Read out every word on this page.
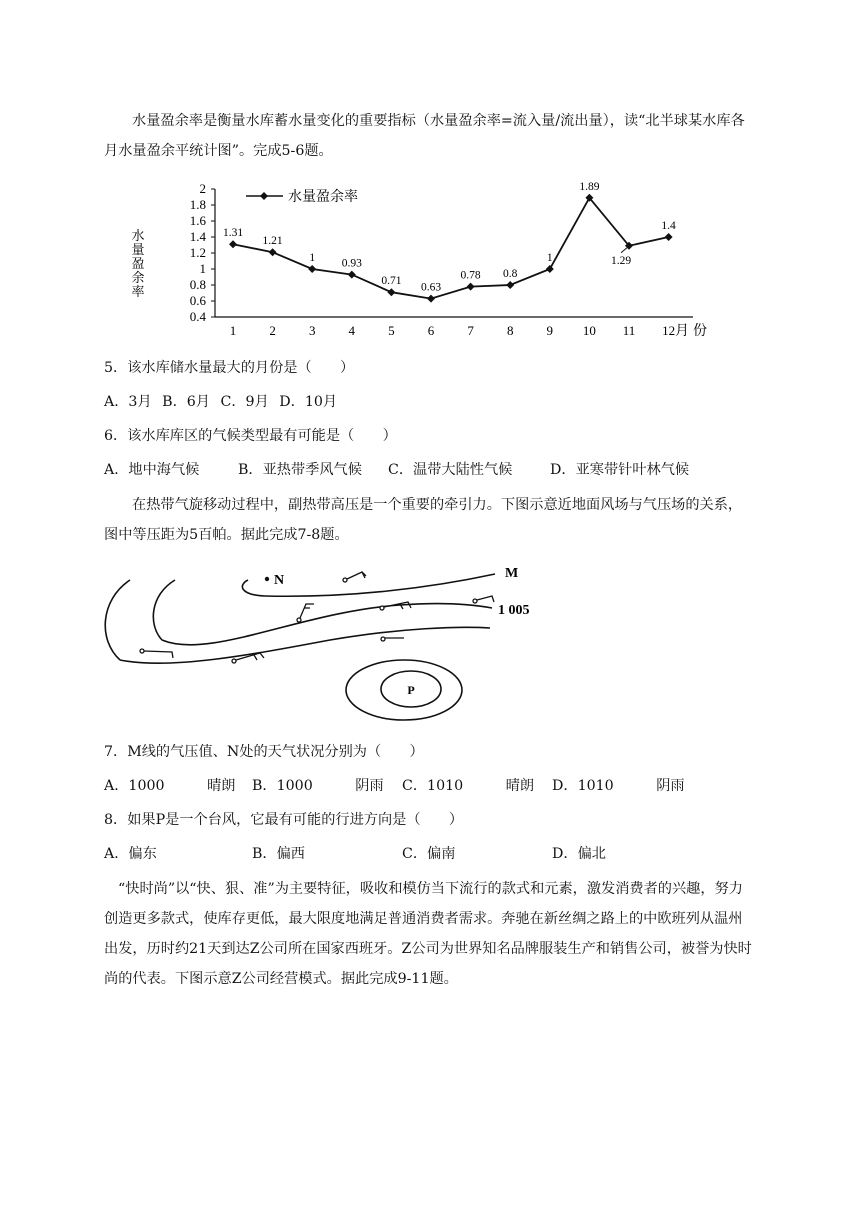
水量盈余率是衡量水库蓄水量变化的重要指标（水量盈余率=流入量/流出量），读“北半球某水库各月水量盈余平统计图”。完成5-6题。

水
量
盈
余
率
2
1.8
1.6
1.4
1.2
1
0.8
0.6
0.4
1	2	3	4	5	6	7	8	9 10 11 12
水量盈余率
1.31
1.21
1 0.93
0.71
0.63
0.78 0.8
1
1.89
1.29
1.4
月份
5．该水库储水量最大的月份是（　　）
A．3月 B．6月 C．9月 D．10月
6．该水库库区的气候类型最有可能是（　　）
A．地中海气候	B．亚热带季风气候 C．温带大陆性气候	D．亚寒带针叶林气候

在热带气旋移动过程中，副热带高压是一个重要的牵引力。下图示意近地面风场与气压场的关系，图中等压距为5百帕。据此完成7-8题。

N	M
1 005
P
7．M线的气压值、N处的天气状况分别为（　　）
A．1000　　　晴朗 B．1000　　　阴雨 C．1010　　　晴朗 D．1010　　　阴雨
8．如果P是一个台风，它最有可能的行进方向是（　　）
A．偏东	B．偏西	C．偏南	D．偏北

“快时尚”以“快、狠、准”为主要特征，吸收和模仿当下流行的款式和元素，激发消费者的兴趣，努力创造更多款式，使库存更低，最大限度地满足普通消费者需求。奔驰在新丝绸之路上的中欧班列从温州出发，历时约21天到达Z公司所在国家西班牙。Z公司为世界知名品牌服装生产和销售公司，被誉为快时尚的代表。下图示意Z公司经营模式。据此完成9-11题。
